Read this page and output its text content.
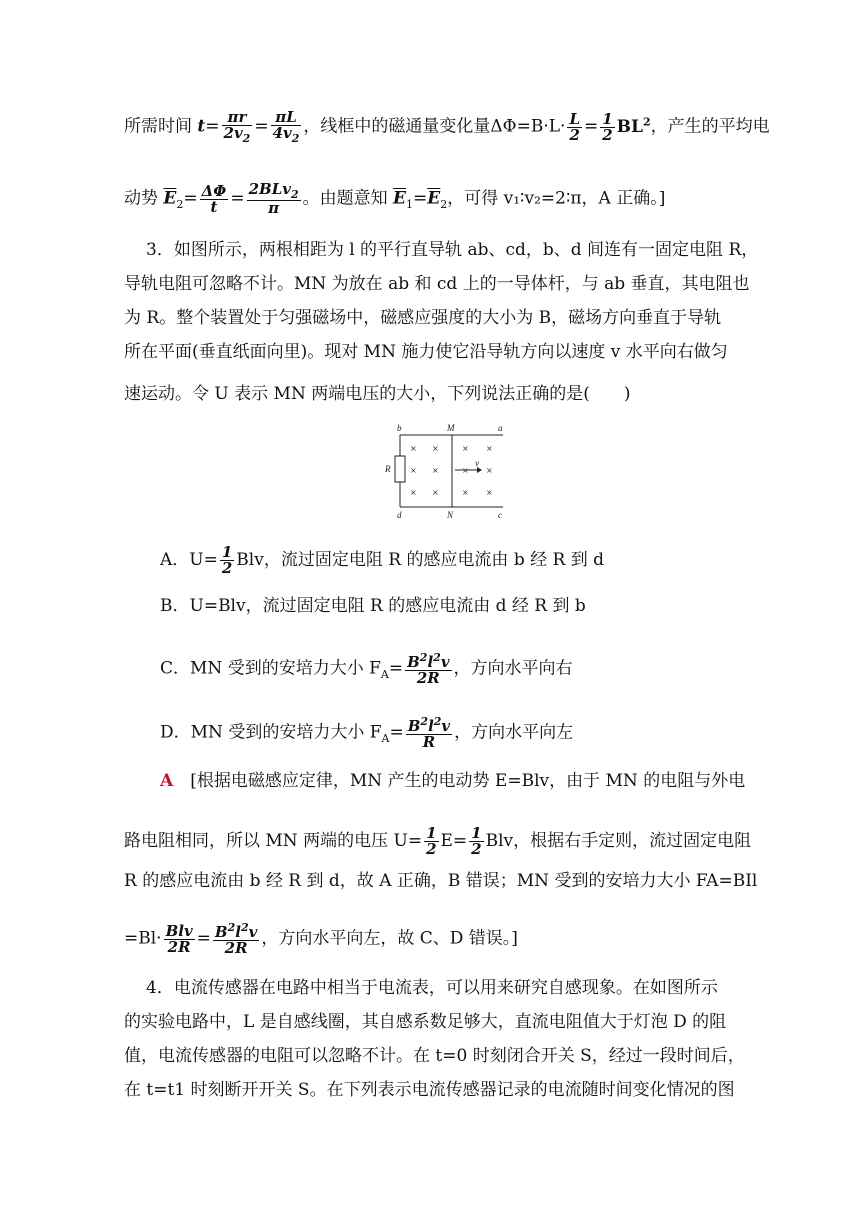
所需时间 $t= \frac{\pi r}{2v_2} = \frac{\pi L}{4v_2}$ ，线框中的磁通量变化量$\Delta\Phi=B\cdot L\cdot \frac{L}{2} = \frac{1}{2} BL^2$，产生的平均电
动势 $\overline{E}_2= \frac{\Delta\Phi}{t} = \frac{2BLv_2}{\pi}$ 。由题意知 $\overline{E}_1=\overline{E}_2$，可得 v₁∶v₂=2∶π，A 正确。]
3．如图所示，两根相距为 l 的平行直导轨 ab、cd，b、d 间连有一固定电阻 R，
导轨电阻可忽略不计。MN 为放在 ab 和 cd 上的一导体杆，与 ab 垂直，其电阻也
为 R。整个装置处于匀强磁场中，磁感应强度的大小为 B，磁场方向垂直于导轨
所在平面(垂直纸面向里)。现对 MN 施力使它沿导轨方向以速度 v 水平向右做匀
速运动。令 U 表示 MN 两端电压的大小，下列说法正确的是(　　)
b	M	a
R
v
d	N	c
× ×	× ×
× ×	× ×
× ×	× ×
A．$U= \frac{1}{2}$ Blv，流过固定电阻 R 的感应电流由 b 经 R 到 d
B．U=Blv，流过固定电阻 R 的感应电流由 d 经 R 到 b
C．MN 受到的安培力大小 $F_A= \frac{B^2l^2v}{2R}$ ，方向水平向右
D．MN 受到的安培力大小 $F_A= \frac{B^2l^2v}{R}$ ，方向水平向左
A　 [根据电磁感应定律，MN 产生的电动势 E=Blv，由于 MN 的电阻与外电
路电阻相同，所以 MN 两端的电压 $U= \frac{1}{2} E= \frac{1}{2}$ Blv，根据右手定则，流过固定电阻
R 的感应电流由 b 经 R 到 d，故 A 正确，B 错误；MN 受到的安培力大小 FA=BIl
$=Bl\cdot \frac{\text{Blv}}{2R} = \frac{B^2l^2v}{2R}$ ，方向水平向左，故 C、D 错误。]
4．电流传感器在电路中相当于电流表，可以用来研究自感现象。在如图所示
的实验电路中，L 是自感线圈，其自感系数足够大，直流电阻值大于灯泡 D 的阻
值，电流传感器的电阻可以忽略不计。在 t=0 时刻闭合开关 S，经过一段时间后，
在 t=t1 时刻断开开关 S。在下列表示电流传感器记录的电流随时间变化情况的图
